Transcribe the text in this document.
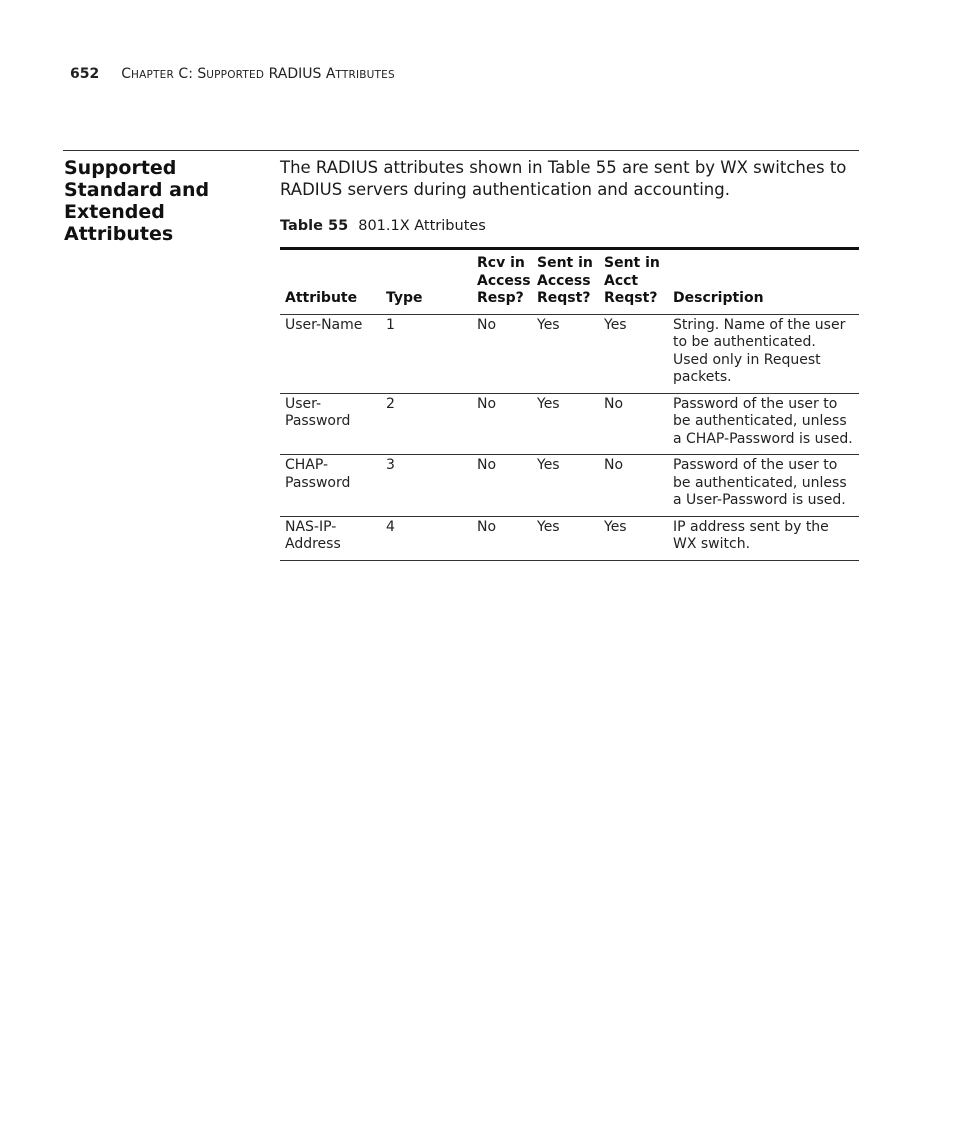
652 CHAPTER C: SUPPORTED RADIUS ATTRIBUTES
Supported Standard and Extended Attributes
The RADIUS attributes shown in Table 55 are sent by WX switches to RADIUS servers during authentication and accounting.
Table 55 801.1X Attributes
Attribute	Type	Rcv in Access Resp?	Sent in Access Reqst?	Sent in Acct Reqst?	Description
User-Name	1	No	Yes	Yes	String. Name of the user to be authenticated. Used only in Request packets.
User-Password	2	No	Yes	No	Password of the user to be authenticated, unless a CHAP-Password is used.
CHAP-Password	3	No	Yes	No	Password of the user to be authenticated, unless a User-Password is used.
NAS-IP-Address	4	No	Yes	Yes	IP address sent by the WX switch.
